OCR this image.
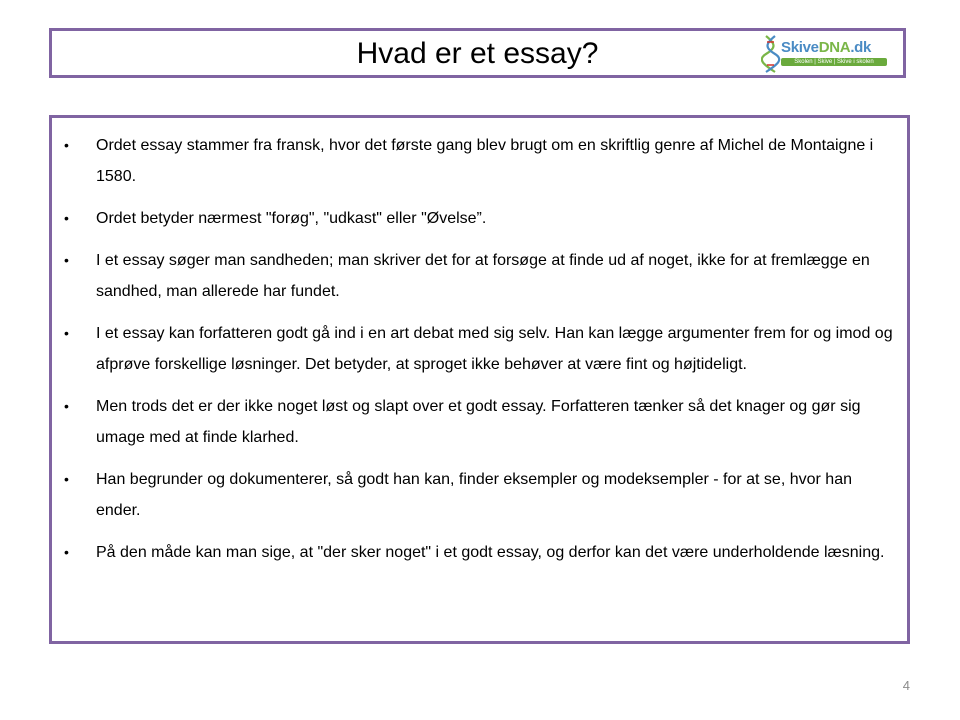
Hvad er et essay?	SkiveDNA.dk
Skolen | Skive | Skive i skolen
• Ordet essay stammer fra fransk, hvor det første gang blev brugt om en skriftlig genre af Michel de Montaigne i 1580.
• Ordet betyder nærmest "forøg", "udkast" eller "Øvelse”.
• I et essay søger man sandheden; man skriver det for at forsøge at finde ud af noget, ikke for at fremlægge en sandhed, man allerede har fundet.
• I et essay kan forfatteren godt gå ind i en art debat med sig selv. Han kan lægge argumenter frem for og imod og afprøve forskellige løsninger. Det betyder, at sproget ikke behøver at være fint og højtideligt.
• Men trods det er der ikke noget løst og slapt over et godt essay. Forfatteren tænker så det knager og gør sig umage med at finde klarhed.
• Han begrunder og dokumenterer, så godt han kan, finder eksempler og modeksempler - for at se, hvor han ender.
• På den måde kan man sige, at "der sker noget" i et godt essay, og derfor kan det være underholdende læsning.
4
